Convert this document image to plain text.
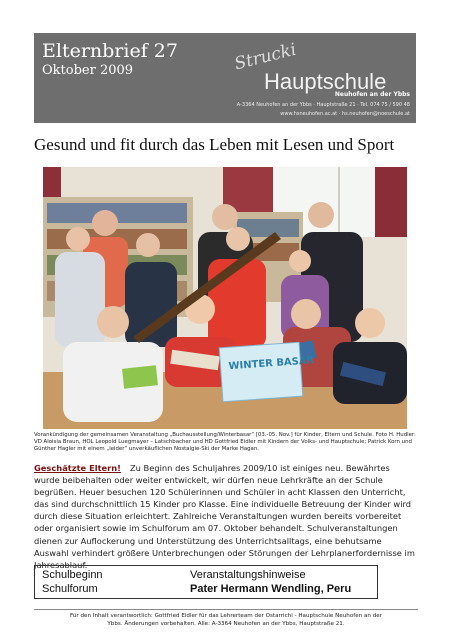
Elternbrief 27
Oktober 2009	Strucki
Hauptschule
Neuhofen an der Ybbs
A-3364 Neuhofen an der Ybbs · Hauptstraße 21 · Tel. 074 75 / 590 48
www.hsneuhofen.ac.at · hs.neuhofen@noeschule.at
Gesund und fit durch das Leben mit Lesen und Sport
WINTER BASAR
Vorankündigung der gemeinsamen Veranstaltung „Buchausstellung/Winterbasar“ [03.-05. Nov.] für Kinder, Eltern und Schule. Foto H. Hudler: VD Aloisia Braun, HOL Leopold Luegmayer – Latschbacher und HD Gottfried Eidler mit Kindern der Volks- und Hauptschule; Patrick Korn und Günther Hagler mit einem „leider“ unverkäuflichen Nostalgie-Ski der Marke Hagan.
Geschätzte Eltern! Zu Beginn des Schuljahres 2009/10 ist einiges neu. Bewährtes wurde beibehalten oder weiter entwickelt, wir dürfen neue Lehrkräfte an der Schule begrüßen. Heuer besuchen 120 Schülerinnen und Schüler in acht Klassen den Unterricht, das sind durchschnittlich 15 Kinder pro Klasse. Eine individuelle Betreuung der Kinder wird durch diese Situation erleichtert. Zahlreiche Veranstaltungen wurden bereits vorbereitet oder organisiert sowie im Schulforum am 07. Oktober behandelt. Schulveranstaltungen dienen zur Auflockerung und Unterstützung des Unterrichtsalltags, eine behutsame Auswahl verhindert größere Unterbrechungen oder Störungen der Lehrplanerfordernisse im Jahresablauf.
Schulbeginn
Schulforum
Veranstaltungshinweise
Pater Hermann Wendling, Peru
Für den Inhalt verantwortlich: Gottfried Eidler für das Lehrerteam der Ostarrichi - Hauptschule Neuhofen an der
Ybbs. Änderungen vorbehalten. Alle: A-3364 Neuhofen an der Ybbs, Hauptstraße 21.
